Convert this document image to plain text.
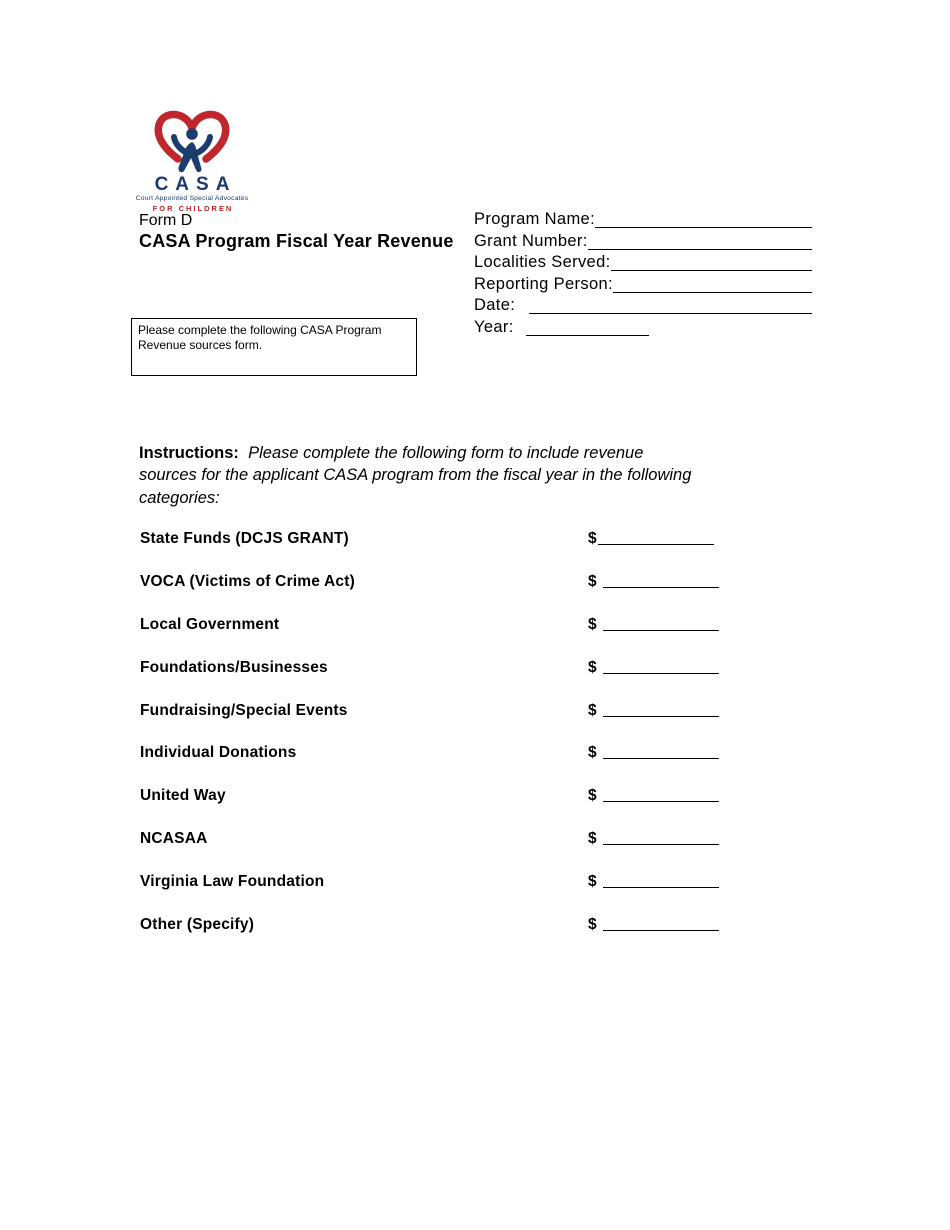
CASA
Court Appointed Special Advocates
FOR CHILDREN
Form D
CASA Program Fiscal Year Revenue
Program Name:
Grant Number:
Localities Served:
Reporting Person:
Date:
Year:
Please complete the following CASA Program Revenue sources form.
Instructions: Please complete the following form to include revenue sources for the applicant CASA program from the fiscal year in the following categories:
State Funds (DCJS GRANT)	$
VOCA (Victims of Crime Act)	$
Local Government	$
Foundations/Businesses	$
Fundraising/Special Events	$
Individual Donations	$
United Way	$
NCASAA	$
Virginia Law Foundation	$
Other (Specify)	$
